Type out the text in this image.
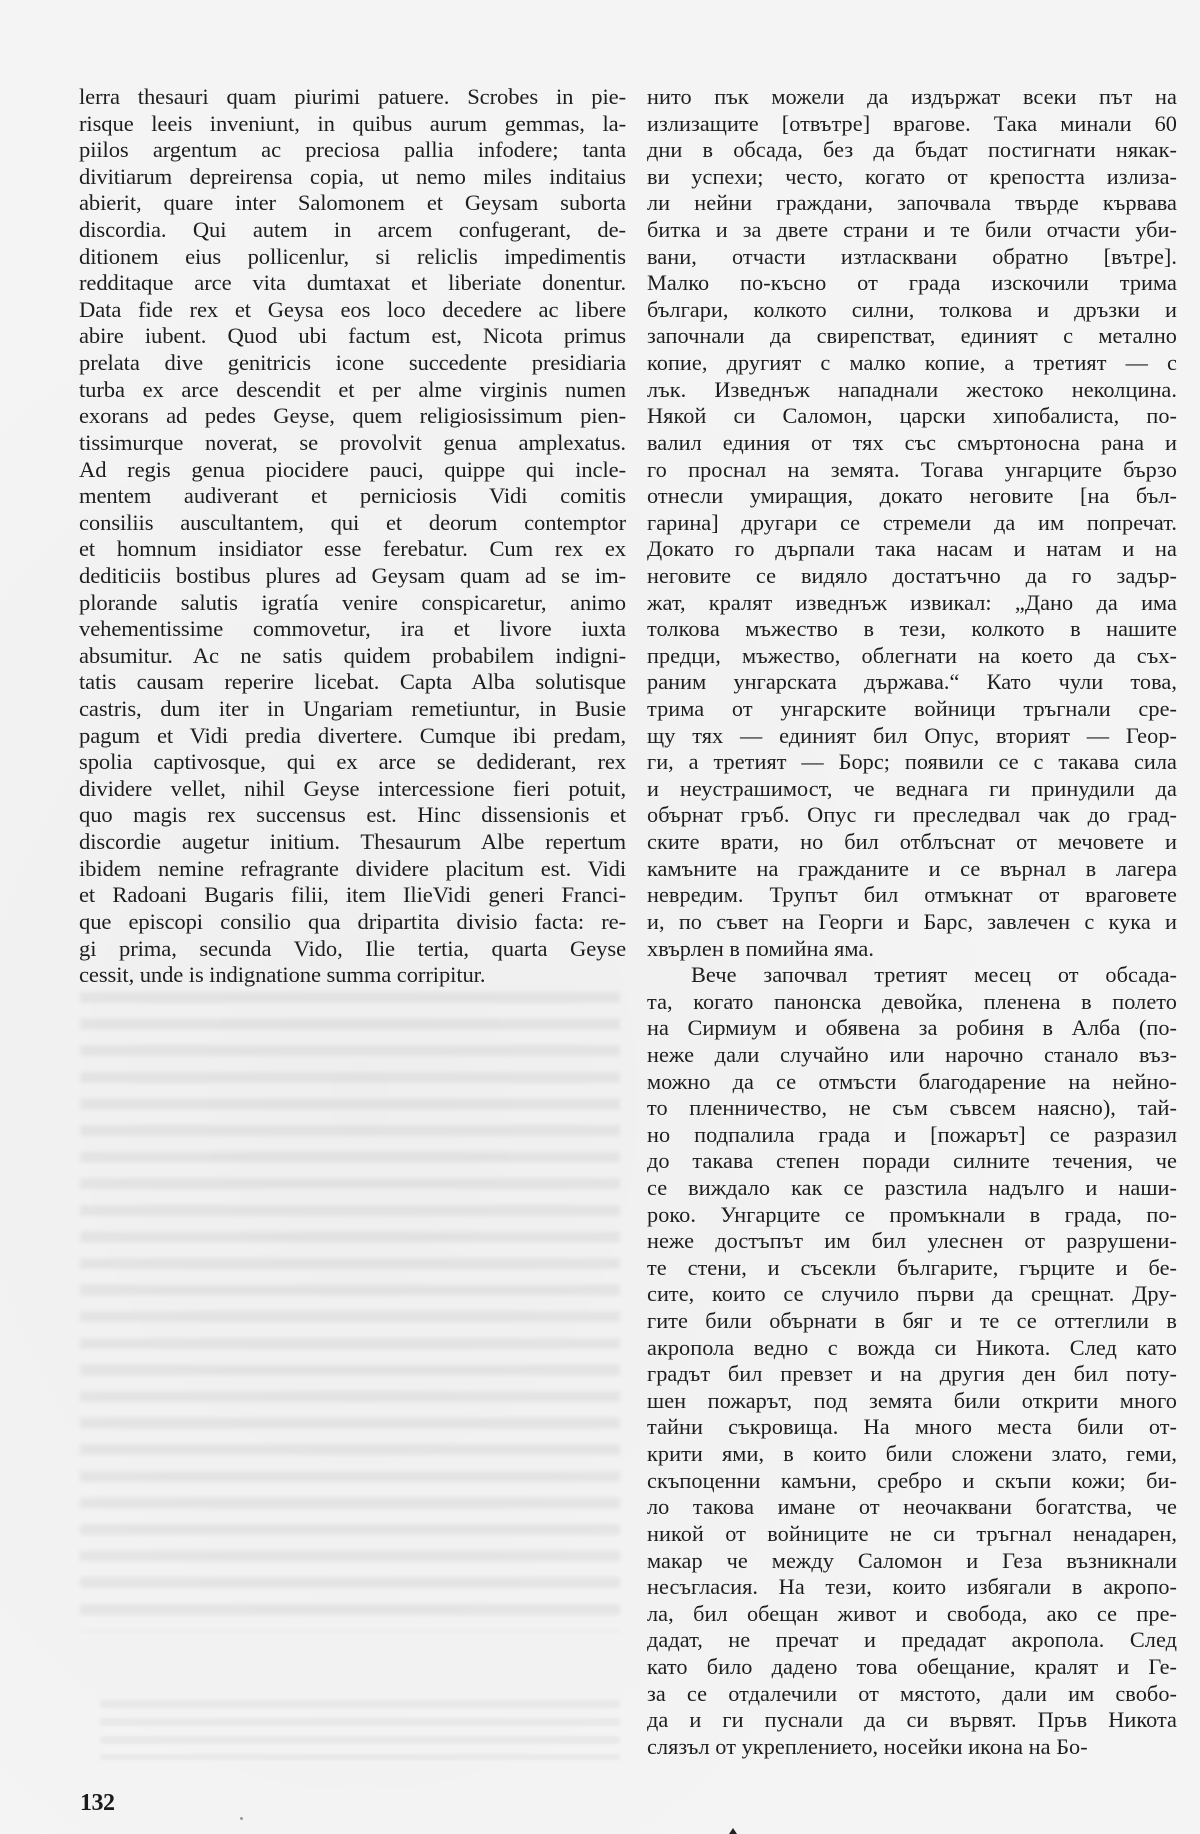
lerra thesauri quam piurimi patuere. Scrobes in pie-
risque leeis inveniunt, in quibus aurum gemmas, la-
piilos argentum ac preciosa pallia infodere; tanta
divitiarum depreirensa copia, ut nemo miles inditaius
abierit, quare inter Salomonem et Geysam suborta
discordia. Qui autem in arcem confugerant, de-
ditionem eius pollicenlur, si reliclis impedimentis
redditaque arce vita dumtaxat et liberiate donentur.
Data fide rex et Geysa eos loco decedere ac libere
abire iubent. Quod ubi factum est, Nicota primus
prelata dive genitricis icone succedente presidiaria
turba ex arce descendit et per alme virginis numen
exorans ad pedes Geyse, quem religiosissimum pien-
tissimurque noverat, se provolvit genua amplexatus.
Ad regis genua piocidere pauci, quippe qui incle-
mentem audiverant et perniciosis Vidi comitis
consiliis auscultantem, qui et deorum contemptor
et homnum insidiator esse ferebatur. Cum rex ex
dediticiis bostibus plures ad Geysam quam ad se im-
plorande salutis igratía venire conspicaretur, animo
vehementissime commovetur, ira et livore iuxta
absumitur. Ac ne satis quidem probabilem indigni-
tatis causam reperire licebat. Capta Alba solutisque
castris, dum iter in Ungariam remetiuntur, in Busie
pagum et Vidi predia divertere. Cumque ibi predam,
spolia captivosque, qui ex arce se dediderant, rex
dividere vellet, nihil Geyse intercessione fieri potuit,
quo magis rex succensus est. Hinc dissensionis et
discordie augetur initium. Thesaurum Albe repertum
ibidem nemine refragrante dividere placitum est. Vidi
et Radoani Bugaris filii, item IlieVidi generi Franci-
que episcopi consilio qua dripartita divisio facta: re-
gi prima, secunda Vido, Ilie tertia, quarta Geyse
cessit, unde is indignatione summa corripitur.
нито пък можели да издържат всеки път на
излизащите [отвътре] врагове. Така минали 60
дни в обсада, без да бъдат постигнати някак-
ви успехи; често, когато от крепостта излиза-
ли нейни граждани, започвала твърде кървава
битка и за двете страни и те били отчасти уби-
вани, отчасти изтласквани обратно [вътре].
Малко по-късно от града изскочили трима
българи, колкото силни, толкова и дръзки и
започнали да свирепстват, единият с метално
копие, другият с малко копие, а третият — с
лък. Изведнъж нападнали жестоко неколцина.
Някой си Саломон, царски хипобалиста, по-
валил единия от тях със смъртоносна рана и
го проснал на земята. Тогава унгарците бързо
отнесли умиращия, докато неговите [на бъл-
гарина] другари се стремели да им попречат.
Докато го дърпали така насам и натам и на
неговите се видяло достатъчно да го задър-
жат, кралят изведнъж извикал: „Дано да има
толкова мъжество в тези, колкото в нашите
предци, мъжество, облегнати на което да съх-
раним унгарската държава.“ Като чули това,
трима от унгарските войници тръгнали сре-
щу тях — единият бил Опус, вторият — Геор-
ги, а третият — Борс; появили се с такава сила
и неустрашимост, че веднага ги принудили да
обърнат гръб. Опус ги преследвал чак до град-
ските врати, но бил отблъснат от мечовете и
камъните на гражданите и се върнал в лагера
невредим. Трупът бил отмъкнат от враговете
и, по съвет на Георги и Барс, завлечен с кука и
хвърлен в помийна яма.
Вече започвал третият месец от обсада-
та, когато панонска девойка, пленена в полето
на Сирмиум и обявена за робиня в Алба (по-
неже дали случайно или нарочно станало въз-
можно да се отмъсти благодарение на нейно-
то пленничество, не съм съвсем наясно), тай-
но подпалила града и [пожарът] се разразил
до такава степен поради силните течения, че
се виждало как се разстила надълго и наши-
роко. Унгарците се промъкнали в града, по-
неже достъпът им бил улеснен от разрушени-
те стени, и съсекли българите, гърците и бе-
сите, които се случило първи да срещнат. Дру-
гите били обърнати в бяг и те се оттеглили в
акропола ведно с вожда си Никота. След като
градът бил превзет и на другия ден бил поту-
шен пожарът, под земята били открити много
тайни съкровища. На много места били от-
крити ями, в които били сложени злато, геми,
скъпоценни камъни, сребро и скъпи кожи; би-
ло такова имане от неочаквани богатства, че
никой от войниците не си тръгнал ненадарен,
макар че между Саломон и Геза възникнали
несъгласия. На тези, които избягали в акропо-
ла, бил обещан живот и свобода, ако се пре-
дадат, не пречат и предадат акропола. След
като било дадено това обещание, кралят и Ге-
за се отдалечили от мястото, дали им свобо-
да и ги пуснали да си вървят. Пръв Никота
слязъл от укреплението, носейки икона на Бо-
132
